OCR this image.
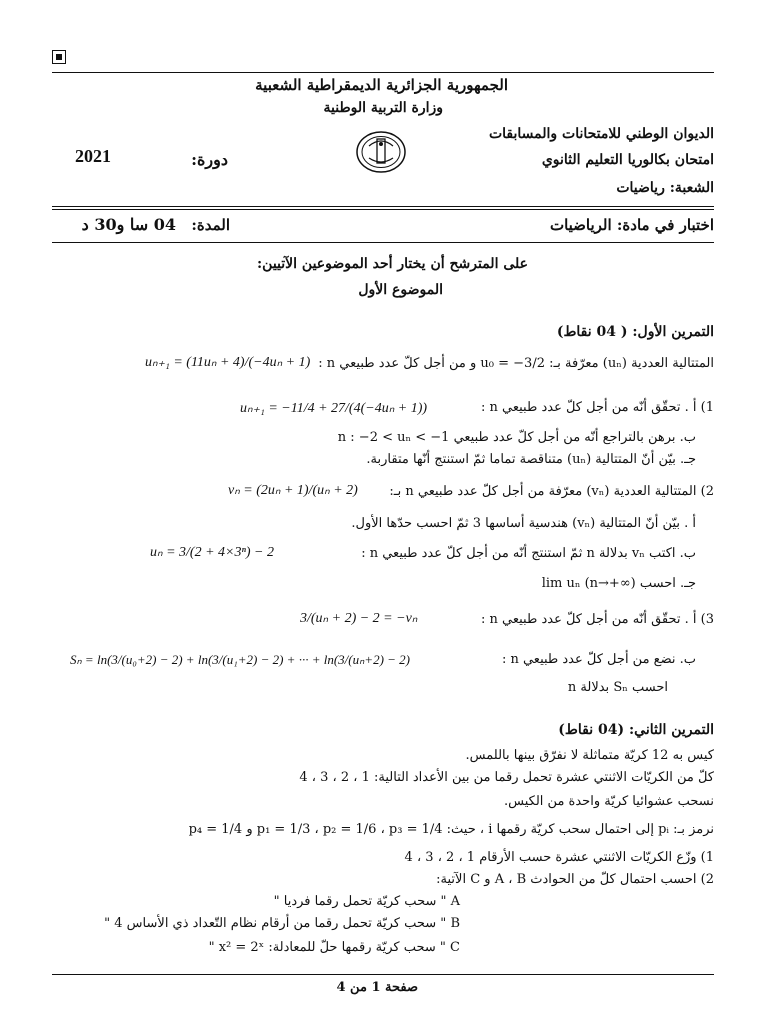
الجمهورية الجزائرية الديمقراطية الشعبية
وزارة التربية الوطنية
الديوان الوطني للامتحانات والمسابقات
امتحان بكالوريا التعليم الثانوي
الشعبة: رياضيات
دورة:
2021
اختبار في مادة: الرياضيات
المدة:
04 سا و30 د
على المترشح أن يختار أحد الموضوعين الآتيين:
الموضوع الأول
التمرين الأول: ( 04 نقاط)
المتتالية العددية (uₙ) معرّفة بـ: u₀ = −3/2 و من أجل كلّ عدد طبيعي n :
uₙ₊₁ = (11uₙ + 4)/(−4uₙ + 1)
1) أ . تحقّق أنّه من أجل كلّ عدد طبيعي n :
uₙ₊₁ = −11/4 + 27/(4(−4uₙ + 1))
ب. برهن بالتراجع أنّه من أجل كلّ عدد طبيعي n : −2 < uₙ < −1
جـ. بيّن أنّ المتتالية (uₙ) متناقصة تماما ثمّ استنتج أنّها متقاربة.
2) المتتالية العددية (vₙ) معرّفة من أجل كلّ عدد طبيعي n بـ:
vₙ = (2uₙ + 1)/(uₙ + 2)
أ . بيّن أنّ المتتالية (vₙ) هندسية أساسها 3 ثمّ احسب حدّها الأول.
ب. اكتب vₙ بدلالة n ثمّ استنتج أنّه من أجل كلّ عدد طبيعي n :
uₙ = 3/(2 + 4×3ⁿ) − 2
جـ. احسب lim uₙ (n→+∞)
3) أ . تحقّق أنّه من أجل كلّ عدد طبيعي n :
3/(uₙ + 2) − 2 = −vₙ
ب. نضع من أجل كلّ عدد طبيعي n :
Sₙ = ln(3/(u₀+2) − 2) + ln(3/(u₁+2) − 2) + ··· + ln(3/(uₙ+2) − 2)
احسب Sₙ بدلالة n
التمرين الثاني: (04 نقاط)
كيس به 12 كريّة متماثلة لا نفرّق بينها باللمس.
كلّ من الكريّات الاثنتي عشرة تحمل رقما من بين الأعداد التالية: 1 ، 2 ، 3 ، 4
نسحب عشوائيا كريّة واحدة من الكيس.
نرمز بـ: pᵢ إلى احتمال سحب كريّة رقمها i ، حيث: p₁ = 1/3 ، p₂ = 1/6 ، p₃ = 1/4 و p₄ = 1/4
1) وزّع الكريّات الاثنتي عشرة حسب الأرقام 1 ، 2 ، 3 ، 4
2) احسب احتمال كلّ من الحوادث A ، B و C الآتية:
A " سحب كريّة تحمل رقما فرديا "
B " سحب كريّة تحمل رقما من أرقام نظام التّعداد ذي الأساس 4 "
C " سحب كريّة رقمها حلّ للمعادلة: x² = 2ˣ "
صفحة 1 من 4
